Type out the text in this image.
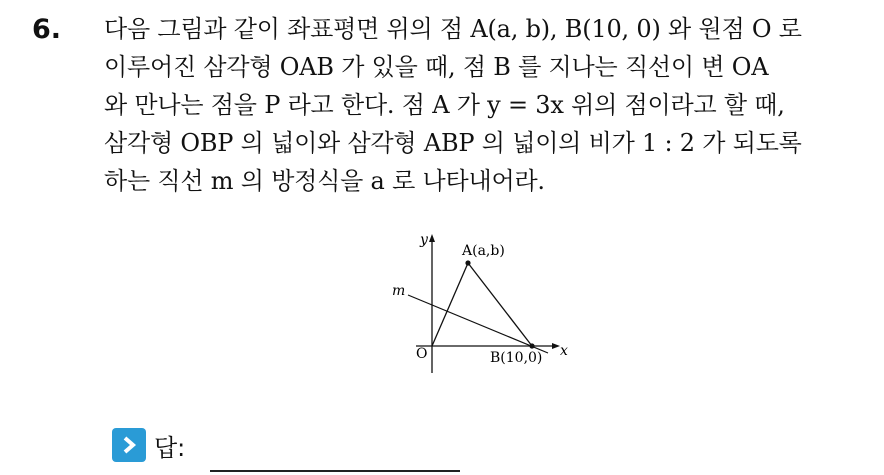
6. 다음 그림과 같이 좌표평면 위의 점 A(a, b), B(10, 0) 와 원점 O 로
이루어진 삼각형 OAB 가 있을 때, 점 B 를 지나는 직선이 변 OA
와 만나는 점을 P 라고 한다. 점 A 가 y = 3x 위의 점이라고 할 때,
삼각형 OBP 의 넓이와 삼각형 ABP 의 넓이의 비가 1 : 2 가 되도록
하는 직선 m 의 방정식을 a 로 나타내어라.
y
x
O
A(a,b)
B(10,0)
m
답:
